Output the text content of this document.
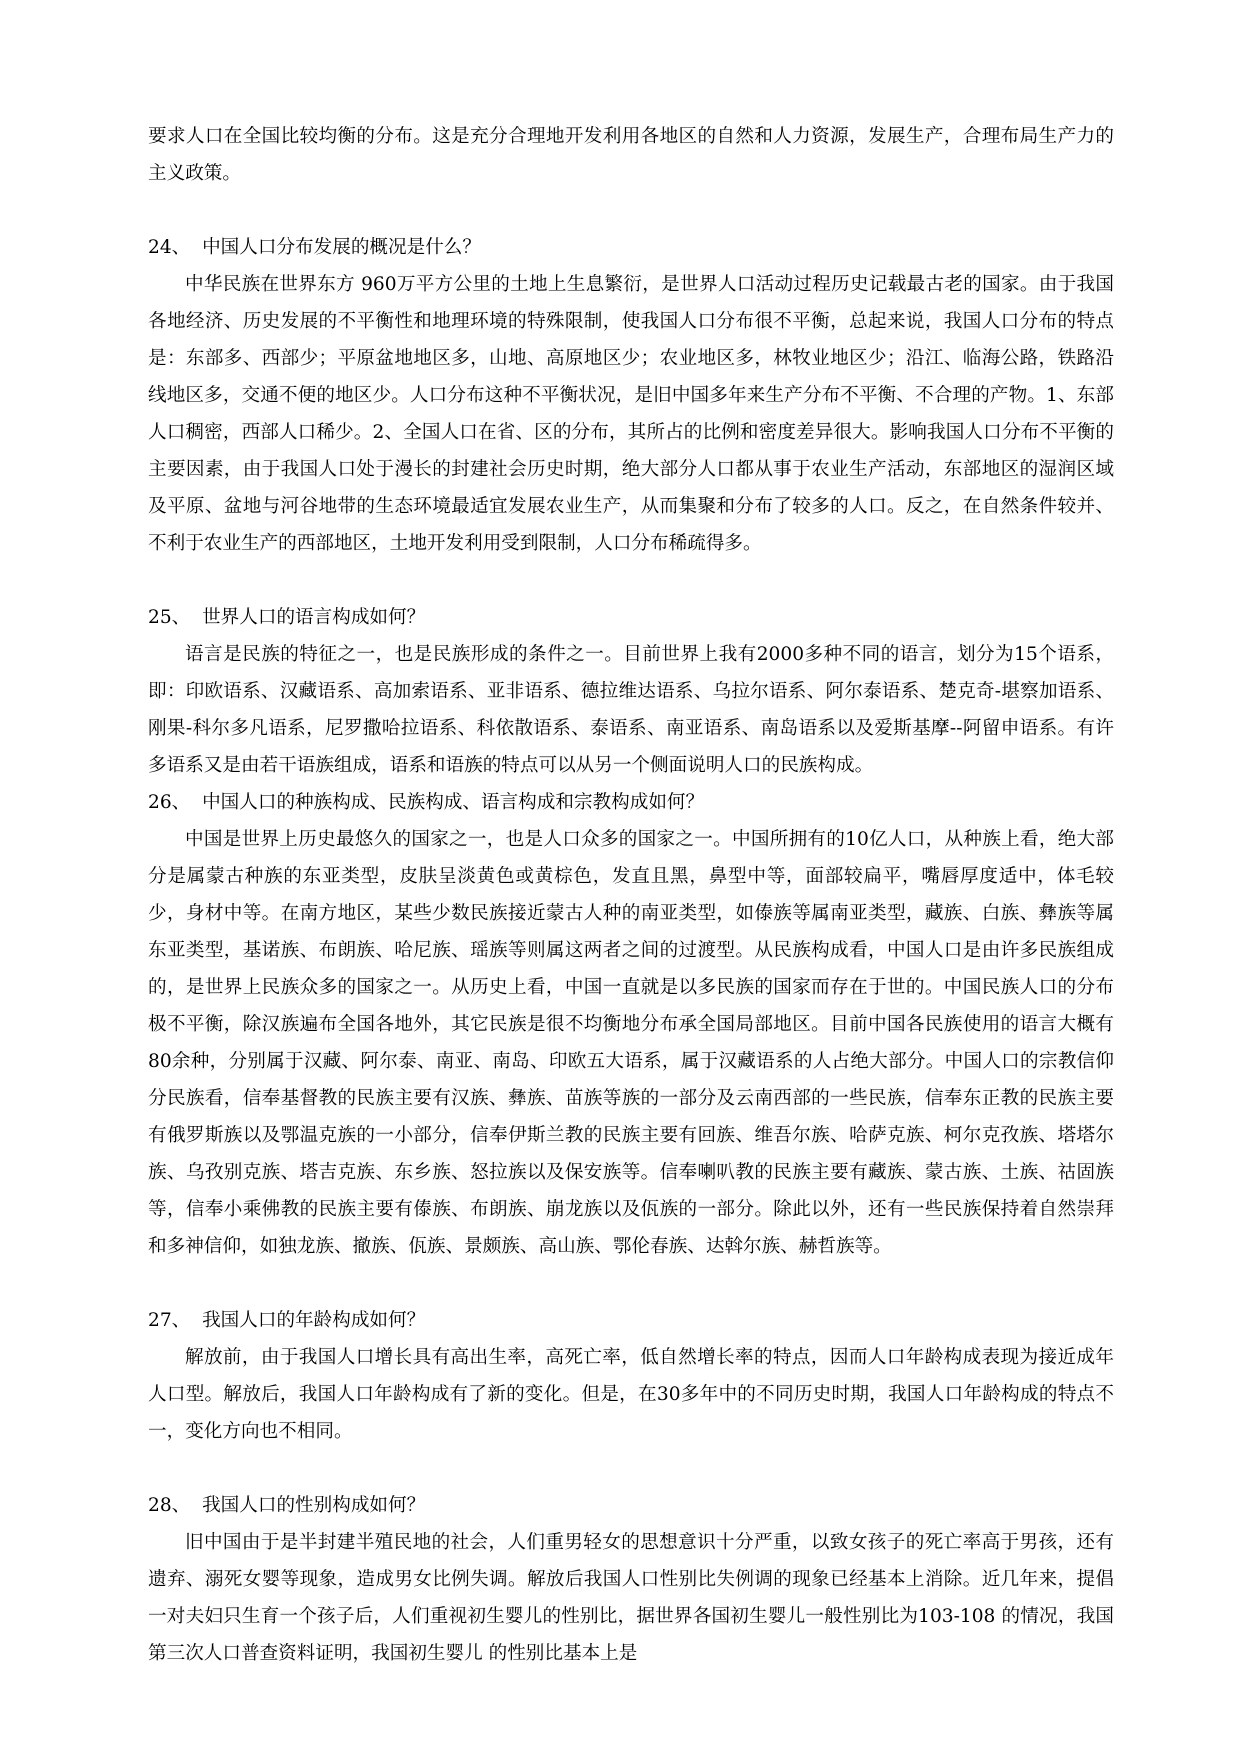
要求人口在全国比较均衡的分布。这是充分合理地开发利用各地区的自然和人力资源，发展生产，合理布局生产力的主义政策。

24、  中国人口分布发展的概况是什么？

中华民族在世界东方 960万平方公里的土地上生息繁衍，是世界人口活动过程历史记载最古老的国家。由于我国各地经济、历史发展的不平衡性和地理环境的特殊限制，使我国人口分布很不平衡，总起来说，我国人口分布的特点是：东部多、西部少；平原盆地地区多，山地、高原地区少；农业地区多，林牧业地区少；沿江、临海公路，铁路沿线地区多，交通不便的地区少。人口分布这种不平衡状况，是旧中国多年来生产分布不平衡、不合理的产物。1、东部人口稠密，西部人口稀少。2、全国人口在省、区的分布，其所占的比例和密度差异很大。影响我国人口分布不平衡的主要因素，由于我国人口处于漫长的封建社会历史时期，绝大部分人口都从事于农业生产活动，东部地区的湿润区域及平原、盆地与河谷地带的生态环境最适宜发展农业生产，从而集聚和分布了较多的人口。反之，在自然条件较并、不利于农业生产的西部地区，土地开发利用受到限制，人口分布稀疏得多。

25、  世界人口的语言构成如何？

语言是民族的特征之一，也是民族形成的条件之一。目前世界上我有2000多种不同的语言，划分为15个语系，即：印欧语系、汉藏语系、高加索语系、亚非语系、德拉维达语系、乌拉尔语系、阿尔泰语系、楚克奇-堪察加语系、刚果-科尔多凡语系，尼罗撒哈拉语系、科依散语系、泰语系、南亚语系、南岛语系以及爱斯基摩--阿留申语系。有许多语系又是由若干语族组成，语系和语族的特点可以从另一个侧面说明人口的民族构成。

26、  中国人口的种族构成、民族构成、语言构成和宗教构成如何？

中国是世界上历史最悠久的国家之一，也是人口众多的国家之一。中国所拥有的10亿人口，从种族上看，绝大部分是属蒙古种族的东亚类型，皮肤呈淡黄色或黄棕色，发直且黑，鼻型中等，面部较扁平，嘴唇厚度适中，体毛较少，身材中等。在南方地区，某些少数民族接近蒙古人种的南亚类型，如傣族等属南亚类型，藏族、白族、彝族等属东亚类型，基诺族、布朗族、哈尼族、瑶族等则属这两者之间的过渡型。从民族构成看，中国人口是由许多民族组成的，是世界上民族众多的国家之一。从历史上看，中国一直就是以多民族的国家而存在于世的。中国民族人口的分布极不平衡，除汉族遍布全国各地外，其它民族是很不均衡地分布承全国局部地区。目前中国各民族使用的语言大概有80余种，分别属于汉藏、阿尔泰、南亚、南岛、印欧五大语系，属于汉藏语系的人占绝大部分。中国人口的宗教信仰分民族看，信奉基督教的民族主要有汉族、彝族、苗族等族的一部分及云南西部的一些民族，信奉东正教的民族主要有俄罗斯族以及鄂温克族的一小部分，信奉伊斯兰教的民族主要有回族、维吾尔族、哈萨克族、柯尔克孜族、塔塔尔族、乌孜别克族、塔吉克族、东乡族、怒拉族以及保安族等。信奉喇叭教的民族主要有藏族、蒙古族、土族、祜固族等，信奉小乘佛教的民族主要有傣族、布朗族、崩龙族以及佤族的一部分。除此以外，还有一些民族保持着自然崇拜和多神信仰，如独龙族、撤族、佤族、景颇族、高山族、鄂伦春族、达斡尔族、赫哲族等。

27、  我国人口的年龄构成如何？

解放前，由于我国人口增长具有高出生率，高死亡率，低自然增长率的特点，因而人口年龄构成表现为接近成年人口型。解放后，我国人口年龄构成有了新的变化。但是，在30多年中的不同历史时期，我国人口年龄构成的特点不一，变化方向也不相同。

28、  我国人口的性别构成如何？

旧中国由于是半封建半殖民地的社会，人们重男轻女的思想意识十分严重，以致女孩子的死亡率高于男孩，还有遗弃、溺死女婴等现象，造成男女比例失调。解放后我国人口性别比失例调的现象已经基本上消除。近几年来，提倡一对夫妇只生育一个孩子后，人们重视初生婴儿的性别比，据世界各国初生婴儿一般性别比为103-108 的情况，我国第三次人口普查资料证明，我国初生婴儿 的性别比基本上是
